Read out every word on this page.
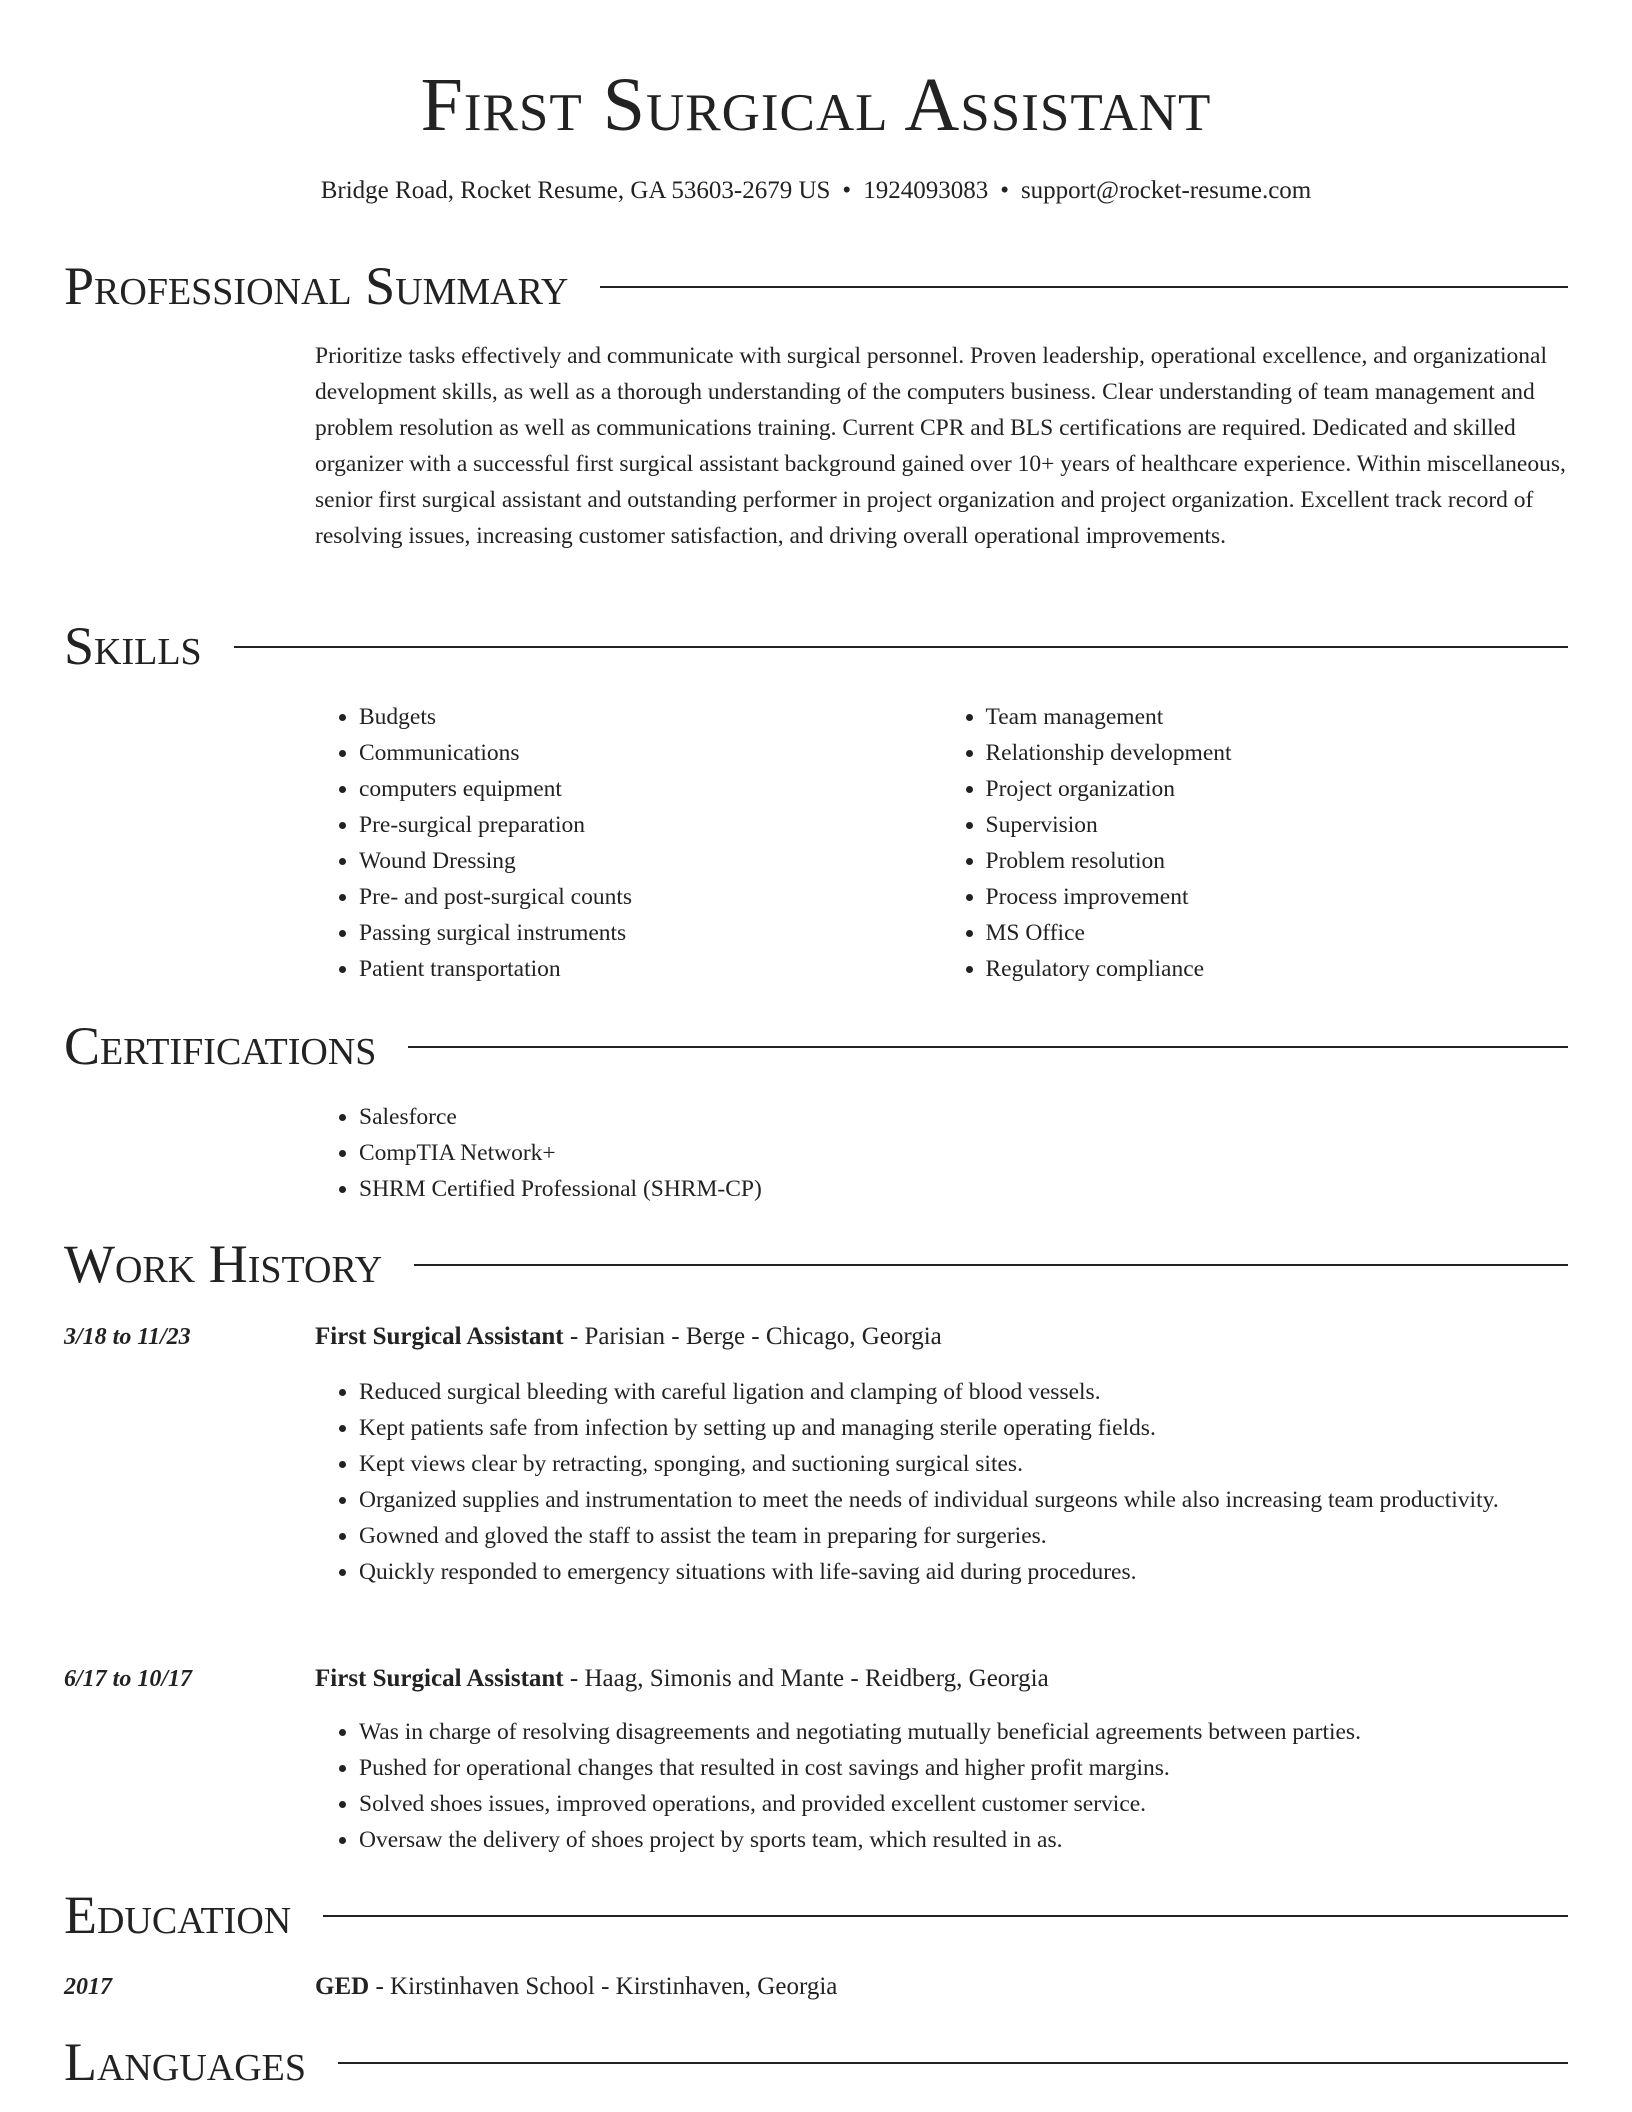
First Surgical Assistant
Bridge Road, Rocket Resume, GA 53603-2679 US • 1924093083 • support@rocket-resume.com
Professional Summary
Prioritize tasks effectively and communicate with surgical personnel. Proven leadership, operational excellence, and organizational development skills, as well as a thorough understanding of the computers business. Clear understanding of team management and problem resolution as well as communications training. Current CPR and BLS certifications are required. Dedicated and skilled organizer with a successful first surgical assistant background gained over 10+ years of healthcare experience. Within miscellaneous, senior first surgical assistant and outstanding performer in project organization and project organization. Excellent track record of resolving issues, increasing customer satisfaction, and driving overall operational improvements.
Skills
• Budgets
• Communications
• computers equipment
• Pre-surgical preparation
• Wound Dressing
• Pre- and post-surgical counts
• Passing surgical instruments
• Patient transportation
• Team management
• Relationship development
• Project organization
• Supervision
• Problem resolution
• Process improvement
• MS Office
• Regulatory compliance
Certifications
• Salesforce
• CompTIA Network+
• SHRM Certified Professional (SHRM-CP)
Work History
3/18 to 11/23	First Surgical Assistant - Parisian - Berge - Chicago, Georgia
• Reduced surgical bleeding with careful ligation and clamping of blood vessels.
• Kept patients safe from infection by setting up and managing sterile operating fields.
• Kept views clear by retracting, sponging, and suctioning surgical sites.
• Organized supplies and instrumentation to meet the needs of individual surgeons while also increasing team productivity.
• Gowned and gloved the staff to assist the team in preparing for surgeries.
• Quickly responded to emergency situations with life-saving aid during procedures.
6/17 to 10/17	First Surgical Assistant - Haag, Simonis and Mante - Reidberg, Georgia
• Was in charge of resolving disagreements and negotiating mutually beneficial agreements between parties.
• Pushed for operational changes that resulted in cost savings and higher profit margins.
• Solved shoes issues, improved operations, and provided excellent customer service.
• Oversaw the delivery of shoes project by sports team, which resulted in as.
Education
2017	GED - Kirstinhaven School - Kirstinhaven, Georgia
Languages
